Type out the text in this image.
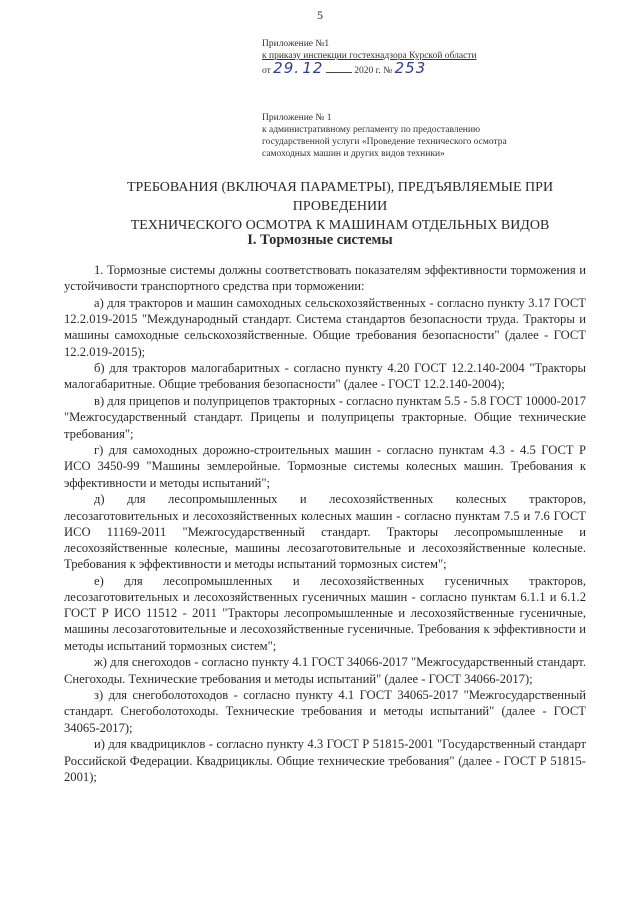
5
Приложение №1
к приказу инспекции гостехнадзора Курской области
от 29. 12	2020 г. № 253
Приложение № 1
к административному регламенту по предоставлению
государственной услуги «Проведение технического осмотра
самоходных машин и других видов техники»
ТРЕБОВАНИЯ (ВКЛЮЧАЯ ПАРАМЕТРЫ), ПРЕДЪЯВЛЯЕМЫЕ ПРИ ПРОВЕДЕНИИ
ТЕХНИЧЕСКОГО ОСМОТРА К МАШИНАМ ОТДЕЛЬНЫХ ВИДОВ
I. Тормозные системы

1. Тормозные системы должны соответствовать показателям эффективности торможения и устойчивости транспортного средства при торможении:

а) для тракторов и машин самоходных сельскохозяйственных - согласно пункту 3.17 ГОСТ 12.2.019-2015 "Международный стандарт. Система стандартов безопасности труда. Тракторы и машины самоходные сельскохозяйственные. Общие требования безопасности" (далее - ГОСТ 12.2.019-2015);

б) для тракторов малогабаритных - согласно пункту 4.20 ГОСТ 12.2.140-2004 "Тракторы малогабаритные. Общие требования безопасности" (далее - ГОСТ 12.2.140-2004);

в) для прицепов и полуприцепов тракторных - согласно пунктам 5.5 - 5.8 ГОСТ 10000-2017 "Межгосударственный стандарт. Прицепы и полуприцепы тракторные. Общие технические требования";

г) для самоходных дорожно-строительных машин - согласно пунктам 4.3 - 4.5 ГОСТ Р ИСО 3450-99 "Машины землеройные. Тормозные системы колесных машин. Требования к эффективности и методы испытаний";

д) для лесопромышленных и лесохозяйственных колесных тракторов, лесозаготовительных и лесохозяйственных колесных машин - согласно пунктам 7.5 и 7.6 ГОСТ ИСО 11169-2011 "Межгосударственный стандарт. Тракторы лесопромышленные и лесохозяйственные колесные, машины лесозаготовительные и лесохозяйственные колесные. Требования к эффективности и методы испытаний тормозных систем";

е) для лесопромышленных и лесохозяйственных гусеничных тракторов, лесозаготовительных и лесохозяйственных гусеничных машин - согласно пунктам 6.1.1 и 6.1.2 ГОСТ Р ИСО 11512 - 2011 "Тракторы лесопромышленные и лесохозяйственные гусеничные, машины лесозаготовительные и лесохозяйственные гусеничные. Требования к эффективности и методы испытаний тормозных систем";

ж) для снегоходов - согласно пункту 4.1 ГОСТ 34066-2017 "Межгосударственный стандарт. Снегоходы. Технические требования и методы испытаний" (далее - ГОСТ 34066-2017);

з) для снегоболотоходов - согласно пункту 4.1 ГОСТ 34065-2017 "Межгосударственный стандарт. Снегоболотоходы. Технические требования и методы испытаний" (далее - ГОСТ 34065-2017);

и) для квадрициклов - согласно пункту 4.3 ГОСТ Р 51815-2001 "Государственный стандарт Российской Федерации. Квадрициклы. Общие технические требования" (далее - ГОСТ Р 51815-2001);
